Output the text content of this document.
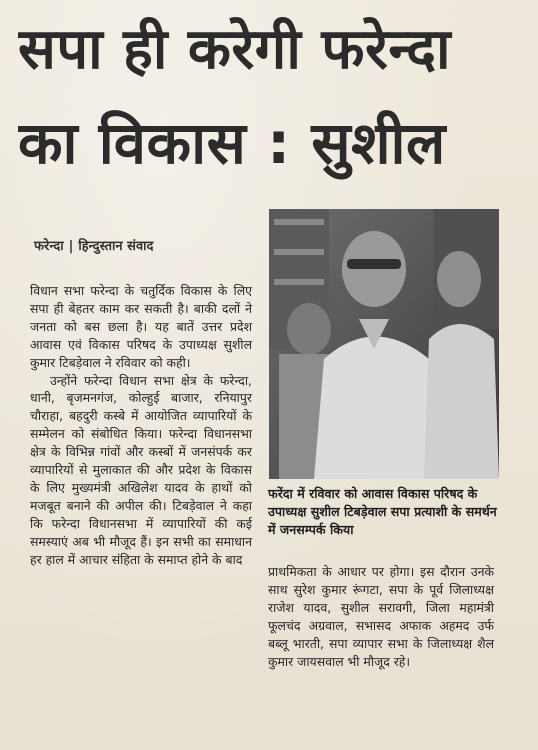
सपा ही करेगी फरेन्दा
का विकास : सुशील
फरेन्दा | हिन्दुस्तान संवाद

विधान सभा फरेन्दा के चतुर्दिक विकास के लिए सपा ही बेहतर काम कर सकती है। बाकी दलों ने जनता को बस छला है। यह बातें उत्तर प्रदेश आवास एवं विकास परिषद के उपाध्यक्ष सुशील कुमार टिबड़ेवाल ने रविवार को कही।

उन्होंने फरेन्दा विधान सभा क्षेत्र के फरेन्दा, धानी, बृजमनगंज, कोल्हुई बाजार, रनियापुर चौराहा, बहदुरी कस्बे में आयोजित व्यापारियों के सम्मेलन को संबोधित किया। फरेन्दा विधानसभा क्षेत्र के विभिन्न गांवों और कस्बों में जनसंपर्क कर व्यापारियों से मुलाकात की और प्रदेश के विकास के लिए मुख्यमंत्री अखिलेश यादव के हाथों को मजबूत बनाने की अपील की। टिबड़ेवाल ने कहा कि फरेन्दा विधानसभा में व्यापारियों की कई समस्याएं अब भी मौजूद हैं। इन सभी का समाधान हर हाल में आचार संहिता के समाप्त होने के बाद

फरेंदा में रविवार को आवास विकास परिषद के उपाध्यक्ष सुशील टिबड़ेवाल सपा प्रत्याशी के समर्थन में जनसम्पर्क किया

प्राथमिकता के आधार पर होगा। इस दौरान उनके साथ सुरेश कुमार रूंगटा, सपा के पूर्व जिलाध्यक्ष राजेश यादव, सुशील सरावगी, जिला महामंत्री फूलचंद अग्रवाल, सभासद अफाक अहमद उर्फ बब्लू भारती, सपा व्यापार सभा के जिलाध्यक्ष शैल कुमार जायसवाल भी मौजूद रहे।
